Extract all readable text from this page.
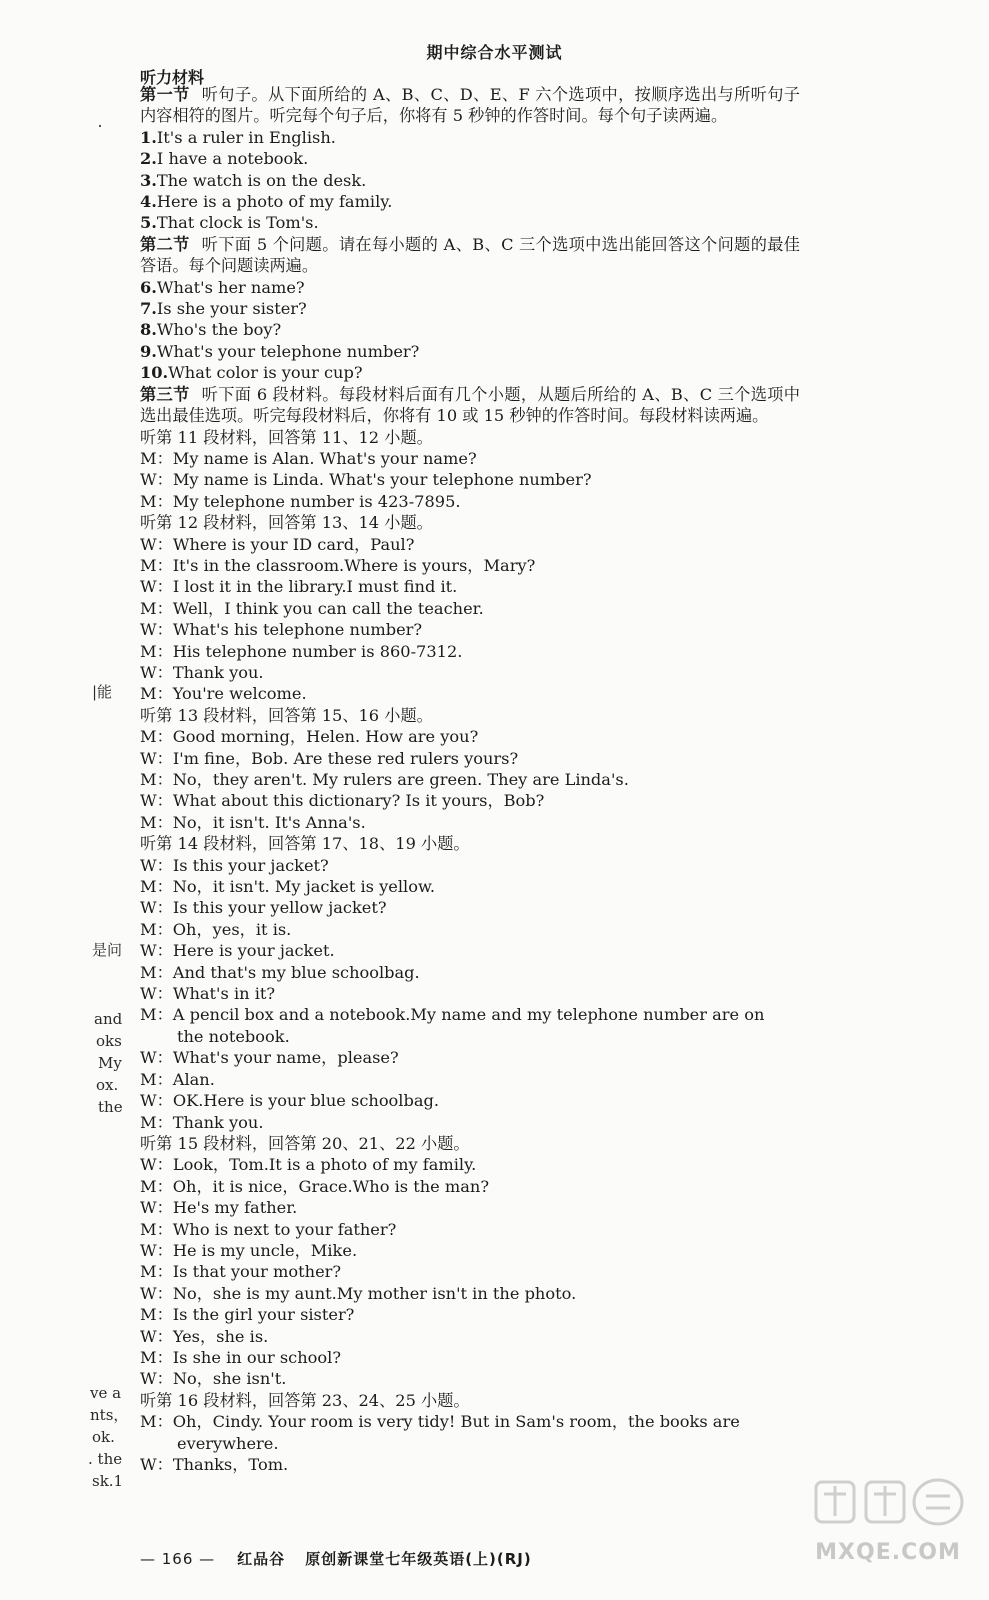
期中综合水平测试
听力材料

第一节 听句子。从下面所给的 A、B、C、D、E、F 六个选项中，按顺序选出与所听句子内容相符的图片。听完每个句子后，你将有 5 秒钟的作答时间。每个句子读两遍。

1.It's a ruler in English.

2.I have a notebook.

3.The watch is on the desk.

4.Here is a photo of my family.

5.That clock is Tom's.

第二节 听下面 5 个问题。请在每小题的 A、B、C 三个选项中选出能回答这个问题的最佳答语。每个问题读两遍。

6.What's her name?

7.Is she your sister?

8.Who's the boy?

9.What's your telephone number?

10.What color is your cup?

第三节 听下面 6 段材料。每段材料后面有几个小题，从题后所给的 A、B、C 三个选项中选出最佳选项。听完每段材料后，你将有 10 或 15 秒钟的作答时间。每段材料读两遍。

听第 11 段材料，回答第 11、12 小题。

M：My name is Alan. What's your name?

W：My name is Linda. What's your telephone number?

M：My telephone number is 423-7895.

听第 12 段材料，回答第 13、14 小题。

W：Where is your ID card，Paul?

M：It's in the classroom.Where is yours，Mary?

W：I lost it in the library.I must find it.

M：Well，I think you can call the teacher.

W：What's his telephone number?

M：His telephone number is 860-7312.

W：Thank you.

M：You're welcome.

听第 13 段材料，回答第 15、16 小题。

M：Good morning，Helen. How are you?

W：I'm fine，Bob. Are these red rulers yours?

M：No，they aren't. My rulers are green. They are Linda's.

W：What about this dictionary? Is it yours，Bob?

M：No，it isn't. It's Anna's.

听第 14 段材料，回答第 17、18、19 小题。

W：Is this your jacket?

M：No，it isn't. My jacket is yellow.

W：Is this your yellow jacket?

M：Oh，yes，it is.

W：Here is your jacket.

M：And that's my blue schoolbag.

W：What's in it?

M：A pencil box and a notebook.My name and my telephone number are on

the notebook.

W：What's your name，please?

M：Alan.

W：OK.Here is your blue schoolbag.

M：Thank you.

听第 15 段材料，回答第 20、21、22 小题。

W：Look，Tom.It is a photo of my family.

M：Oh，it is nice，Grace.Who is the man?

W：He's my father.

M：Who is next to your father?

W：He is my uncle，Mike.

M：Is that your mother?

W：No，she is my aunt.My mother isn't in the photo.

M：Is the girl your sister?

W：Yes，she is.

M：Is she in our school?

W：No，she isn't.

听第 16 段材料，回答第 23、24、25 小题。

M：Oh，Cindy. Your room is very tidy! But in Sam's room，the books are

everywhere.

W：Thanks，Tom.

|能
是问
and
oks
My
ox.
the
ve a
nts，
ok.
. the
sk.1
— 166 — 红品谷 原创新课堂七年级英语(上)(RJ)	MXQE.COM
